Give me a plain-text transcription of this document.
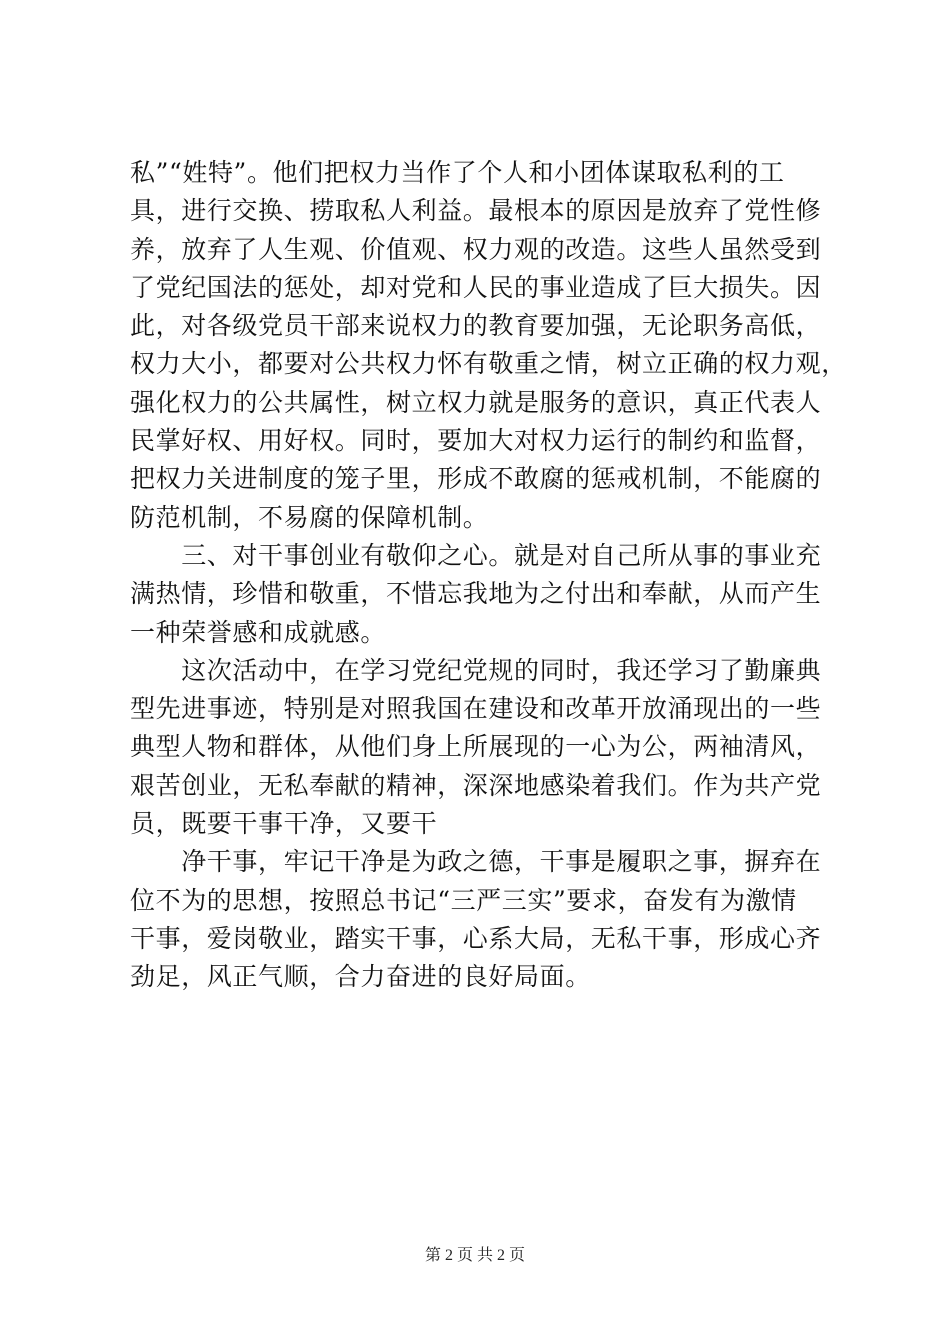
私”“姓特”。他们把权力当作了个人和小团体谋取私利的工
具，进行交换、捞取私人利益。最根本的原因是放弃了党性修
养，放弃了人生观、价值观、权力观的改造。这些人虽然受到
了党纪国法的惩处，却对党和人民的事业造成了巨大损失。因
此，对各级党员干部来说权力的教育要加强，无论职务高低，
权力大小，都要对公共权力怀有敬重之情，树立正确的权力观，
强化权力的公共属性，树立权力就是服务的意识，真正代表人
民掌好权、用好权。同时，要加大对权力运行的制约和监督，
把权力关进制度的笼子里，形成不敢腐的惩戒机制，不能腐的
防范机制，不易腐的保障机制。
　　三、对干事创业有敬仰之心。就是对自己所从事的事业充
满热情，珍惜和敬重，不惜忘我地为之付出和奉献，从而产生
一种荣誉感和成就感。
　　这次活动中，在学习党纪党规的同时，我还学习了勤廉典
型先进事迹，特别是对照我国在建设和改革开放涌现出的一些
典型人物和群体，从他们身上所展现的一心为公，两袖清风，
艰苦创业，无私奉献的精神，深深地感染着我们。作为共产党
员，既要干事干净，又要干
　　净干事，牢记干净是为政之德，干事是履职之事，摒弃在
位不为的思想，按照总书记“三严三实”要求，奋发有为激情
干事，爱岗敬业，踏实干事，心系大局，无私干事，形成心齐
劲足，风正气顺，合力奋进的良好局面。
第 2 页 共 2 页
